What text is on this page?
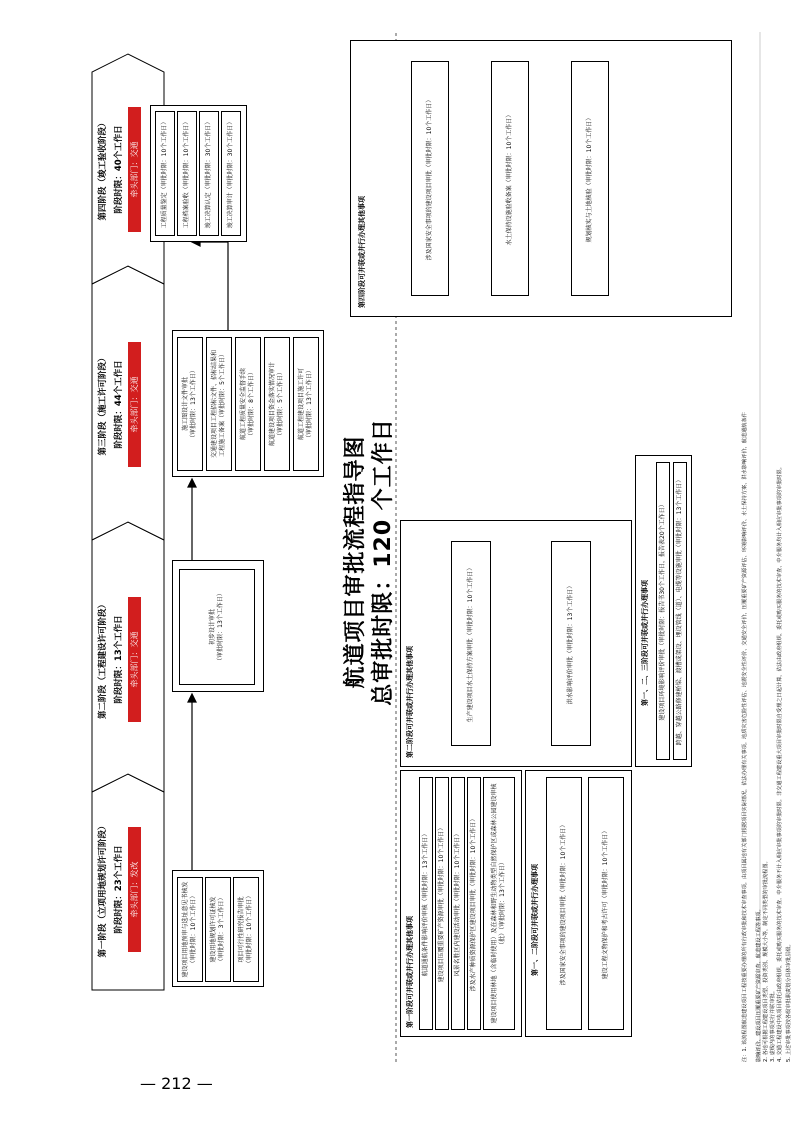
航道项目审批流程指导图 总审批时限：120 个工作日
— 212 —
第一阶段（立项用地规划许可阶段） 阶段时限：23个工作日 牵头部门：发改
第二阶段（工程建设许可阶段） 阶段时限：13个工作日 牵头部门：交通
第三阶段（施工许可阶段） 阶段时限：44个工作日 牵头部门：交通
第四阶段（竣工验收阶段） 阶段时限：40个工作日 牵头部门：交通
建设项目用地预审与选址意见书核发 （审批时限：10个工作日） 建设用地规划许可证核发 （审批时限：3个工作日） 项目可行性研究报告审批 （审批时限：10个工作日）
初步设计审批 （审批时限：13个工作日）
施工图设计文件审批 （审批时限：13个工作日） 交通建设项目工程招标文件、招标结果和 工程施工备案（审批时限：5个工作日） 航道工程质量安全监督手续 （审批时限：8个工作日） 航道建设项目资金落实情况审计 （审批时限：5个工作日） 航道工程建设项目施工许可 （审批时限：13个工作日）
工程质量鉴定（审批时限：10个工作日）	工程档案验收（审批时限：10个工作日）	竣工决算认定（审批时限：30个工作日）	竣工决算审计（审批时限：30个工作日）
第一阶段可并联或并行办理其他事项 航道通航条件影响评价审核（审批时限：13个工作日） 建设项目压覆重要矿产资源审批（审批时限：10个工作日） 风景名胜区内建设活动审批（审批时限：10个工作日） 涉及水产种质资源保护区建设项目审批（审批时限：10个工作日） 建设项目使用林地（含临时使用）及在森林和野生动物类型自然保护区或森林公园建设审核（批）（审批时限：13个工作日）	第一、二阶段可并联或并行办理事项	涉及国家安全事项的建设项目审批（审批时限：10个工作日）	建设工程文物保护和考古许可（审批时限：10个工作日）
第二阶段可并联或并行办理其他事项	生产建设项目水土保持方案审批（审批时限：10个工作日）	洪水影响评价审批（审批时限：13个工作日）	第一、二、三阶段可并联或并行办理事项 建设项目环境影响评价审批（审批时限：报告书30个工作日，报告表20个工作日） 跨越、穿越公路修建桥梁、渡槽或架设、埋设管线（道）、电缆等设施审批（审批时限：13个工作日）
第四阶段可并联或并行办理其他事项	涉及国家安全事项的建设项目审批（审批时限：10个工作日）	水土保持设施验收备案（审批时限：10个工作日）	规划核实与土地核验（审批时限：10个工作日）
注：1. 该流程图航道建设项目工程按重要办理的所有行政审批和技术审查事项。由项目属地有关部门根据项目实际情况，依法办理有关事项。地质灾害危险性评估、地震安全性评价、交通安全评价、压覆重要矿产资源评估、环境影响评价、水土保持方案、洪水影响评价、航道通航条件 影响评价、建设项目压覆重要矿产资源审查、航道建设工程等事项。 2. 各地可根据工程建设项目类型、投资类别、规模大小等，制定不同类型的审批流程图。 3. 虚线内的事项实行并联审批。 4. 交通工程建设中央项目依托由政府组织、委托或购买服务的技术审查。中介服务不计入相应审批事项的审批时限。非交通工程建设重大项目审批时限自受理之日起计算，依法由政府组织、委托或购买服务的技术审查、中介服务均计入相应审批事项的审批时限。 5. 上述审批事项按各级审批职责划分具体审批层级。
